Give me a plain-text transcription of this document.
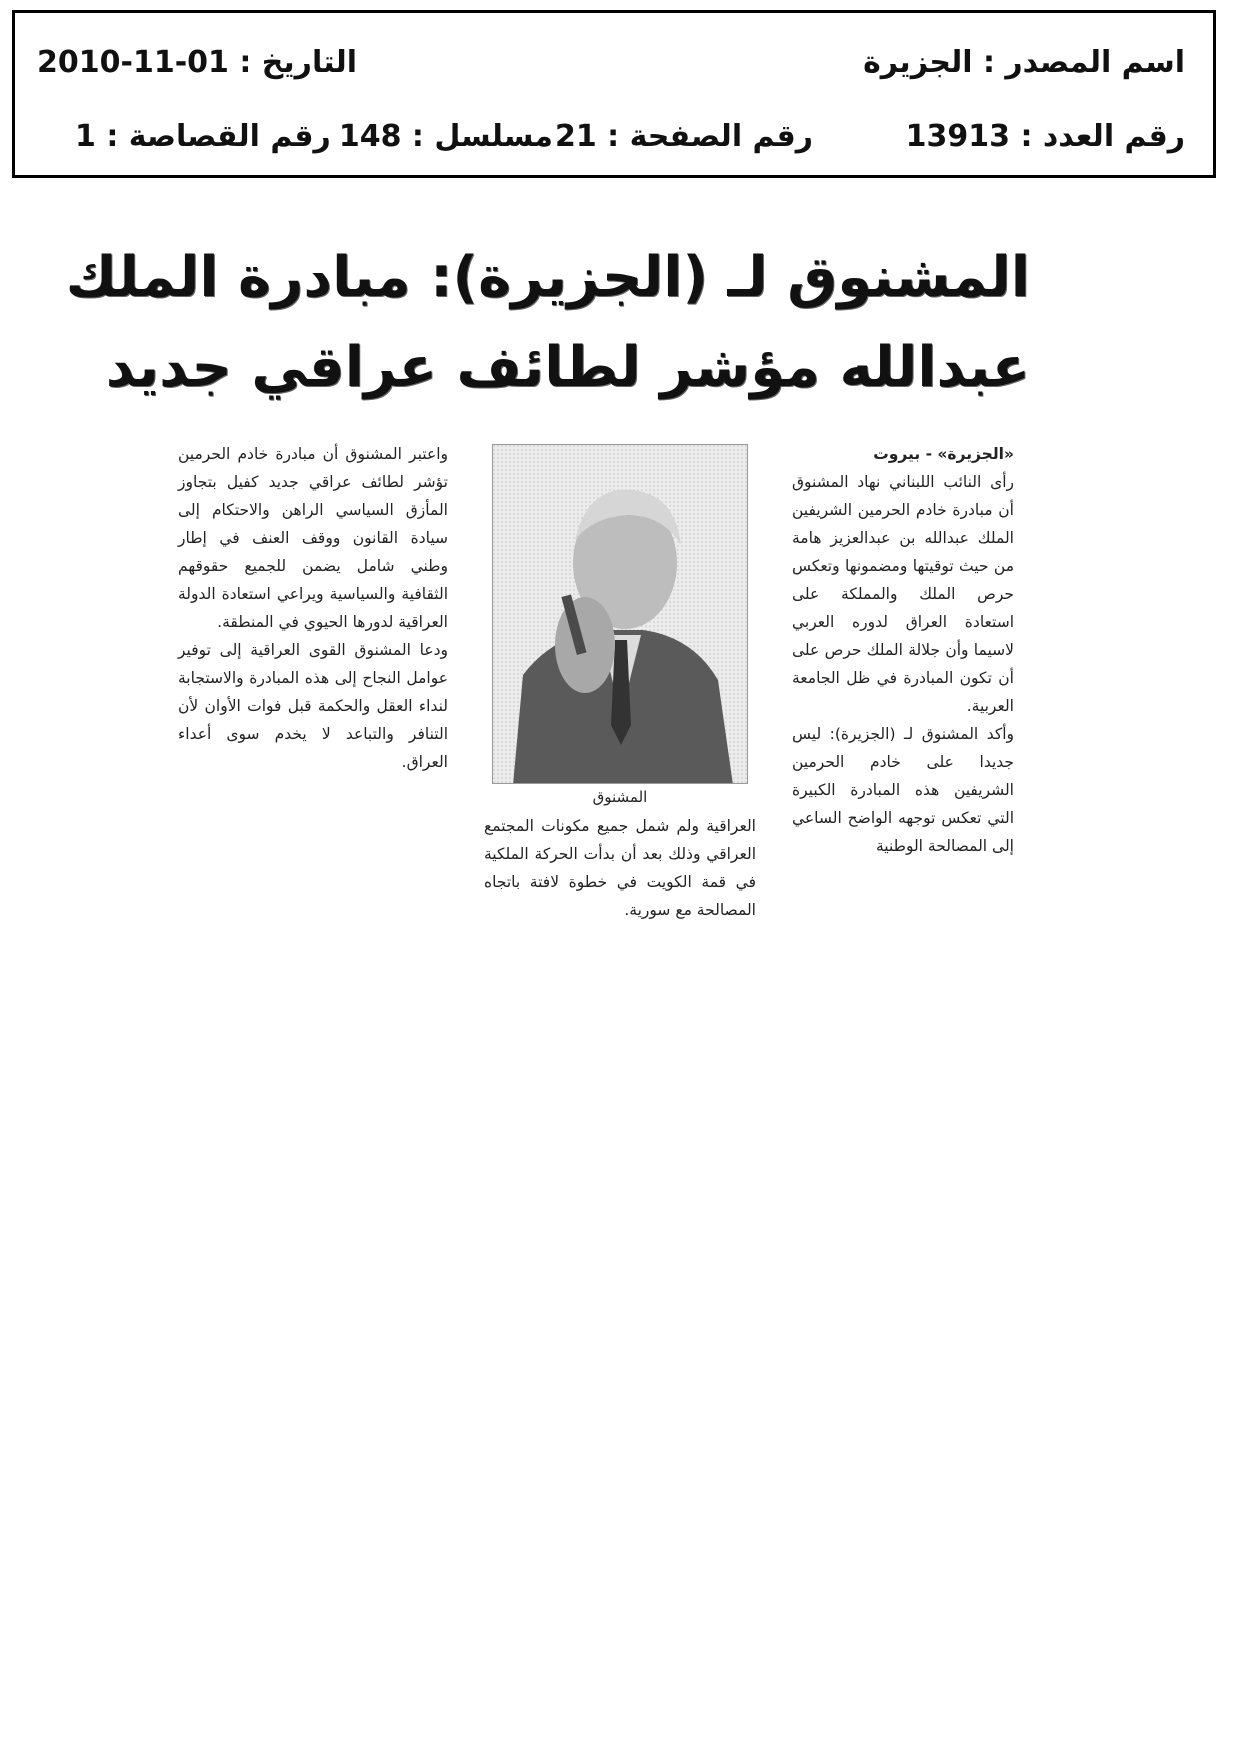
اسم المصدر : الجزيرة
التاريخ : 01-11-2010
رقم العدد : 13913
رقم الصفحة : 21
مسلسل : 148
رقم القصاصة : 1
المشنوق لـ (الجزيرة): مبادرة الملك
عبدالله مؤشر لطائف عراقي جديد

«الجزيرة» - بيروت

رأى النائب اللبناني نهاد المشنوق أن مبادرة خادم الحرمين الشريفين الملك عبدالله بن عبدالعزيز هامة من حيث توقيتها ومضمونها وتعكس حرص الملك والمملكة على استعادة العراق لدوره العربي لاسيما وأن جلالة الملك حرص على أن تكون المبادرة في ظل الجامعة العربية.

وأكد المشنوق لـ (الجزيرة): ليس جديدا على خادم الحرمين الشريفين هذه المبادرة الكبيرة التي تعكس توجهه الواضح الساعي إلى المصالحة الوطنية

المشنوق

العراقية ولم شمل جميع مكونات المجتمع العراقي وذلك بعد أن بدأت الحركة الملكية في قمة الكويت في خطوة لافتة باتجاه المصالحة مع سورية.

واعتبر المشنوق أن مبادرة خادم الحرمين تؤشر لطائف عراقي جديد كفيل بتجاوز المأزق السياسي الراهن والاحتكام إلى سيادة القانون ووقف العنف في إطار وطني شامل يضمن للجميع حقوقهم الثقافية والسياسية ويراعي استعادة الدولة العراقية لدورها الحيوي في المنطقة.

ودعا المشنوق القوى العراقية إلى توفير عوامل النجاح إلى هذه المبادرة والاستجابة لنداء العقل والحكمة قبل فوات الأوان لأن التنافر والتباعد لا يخدم سوى أعداء العراق.
